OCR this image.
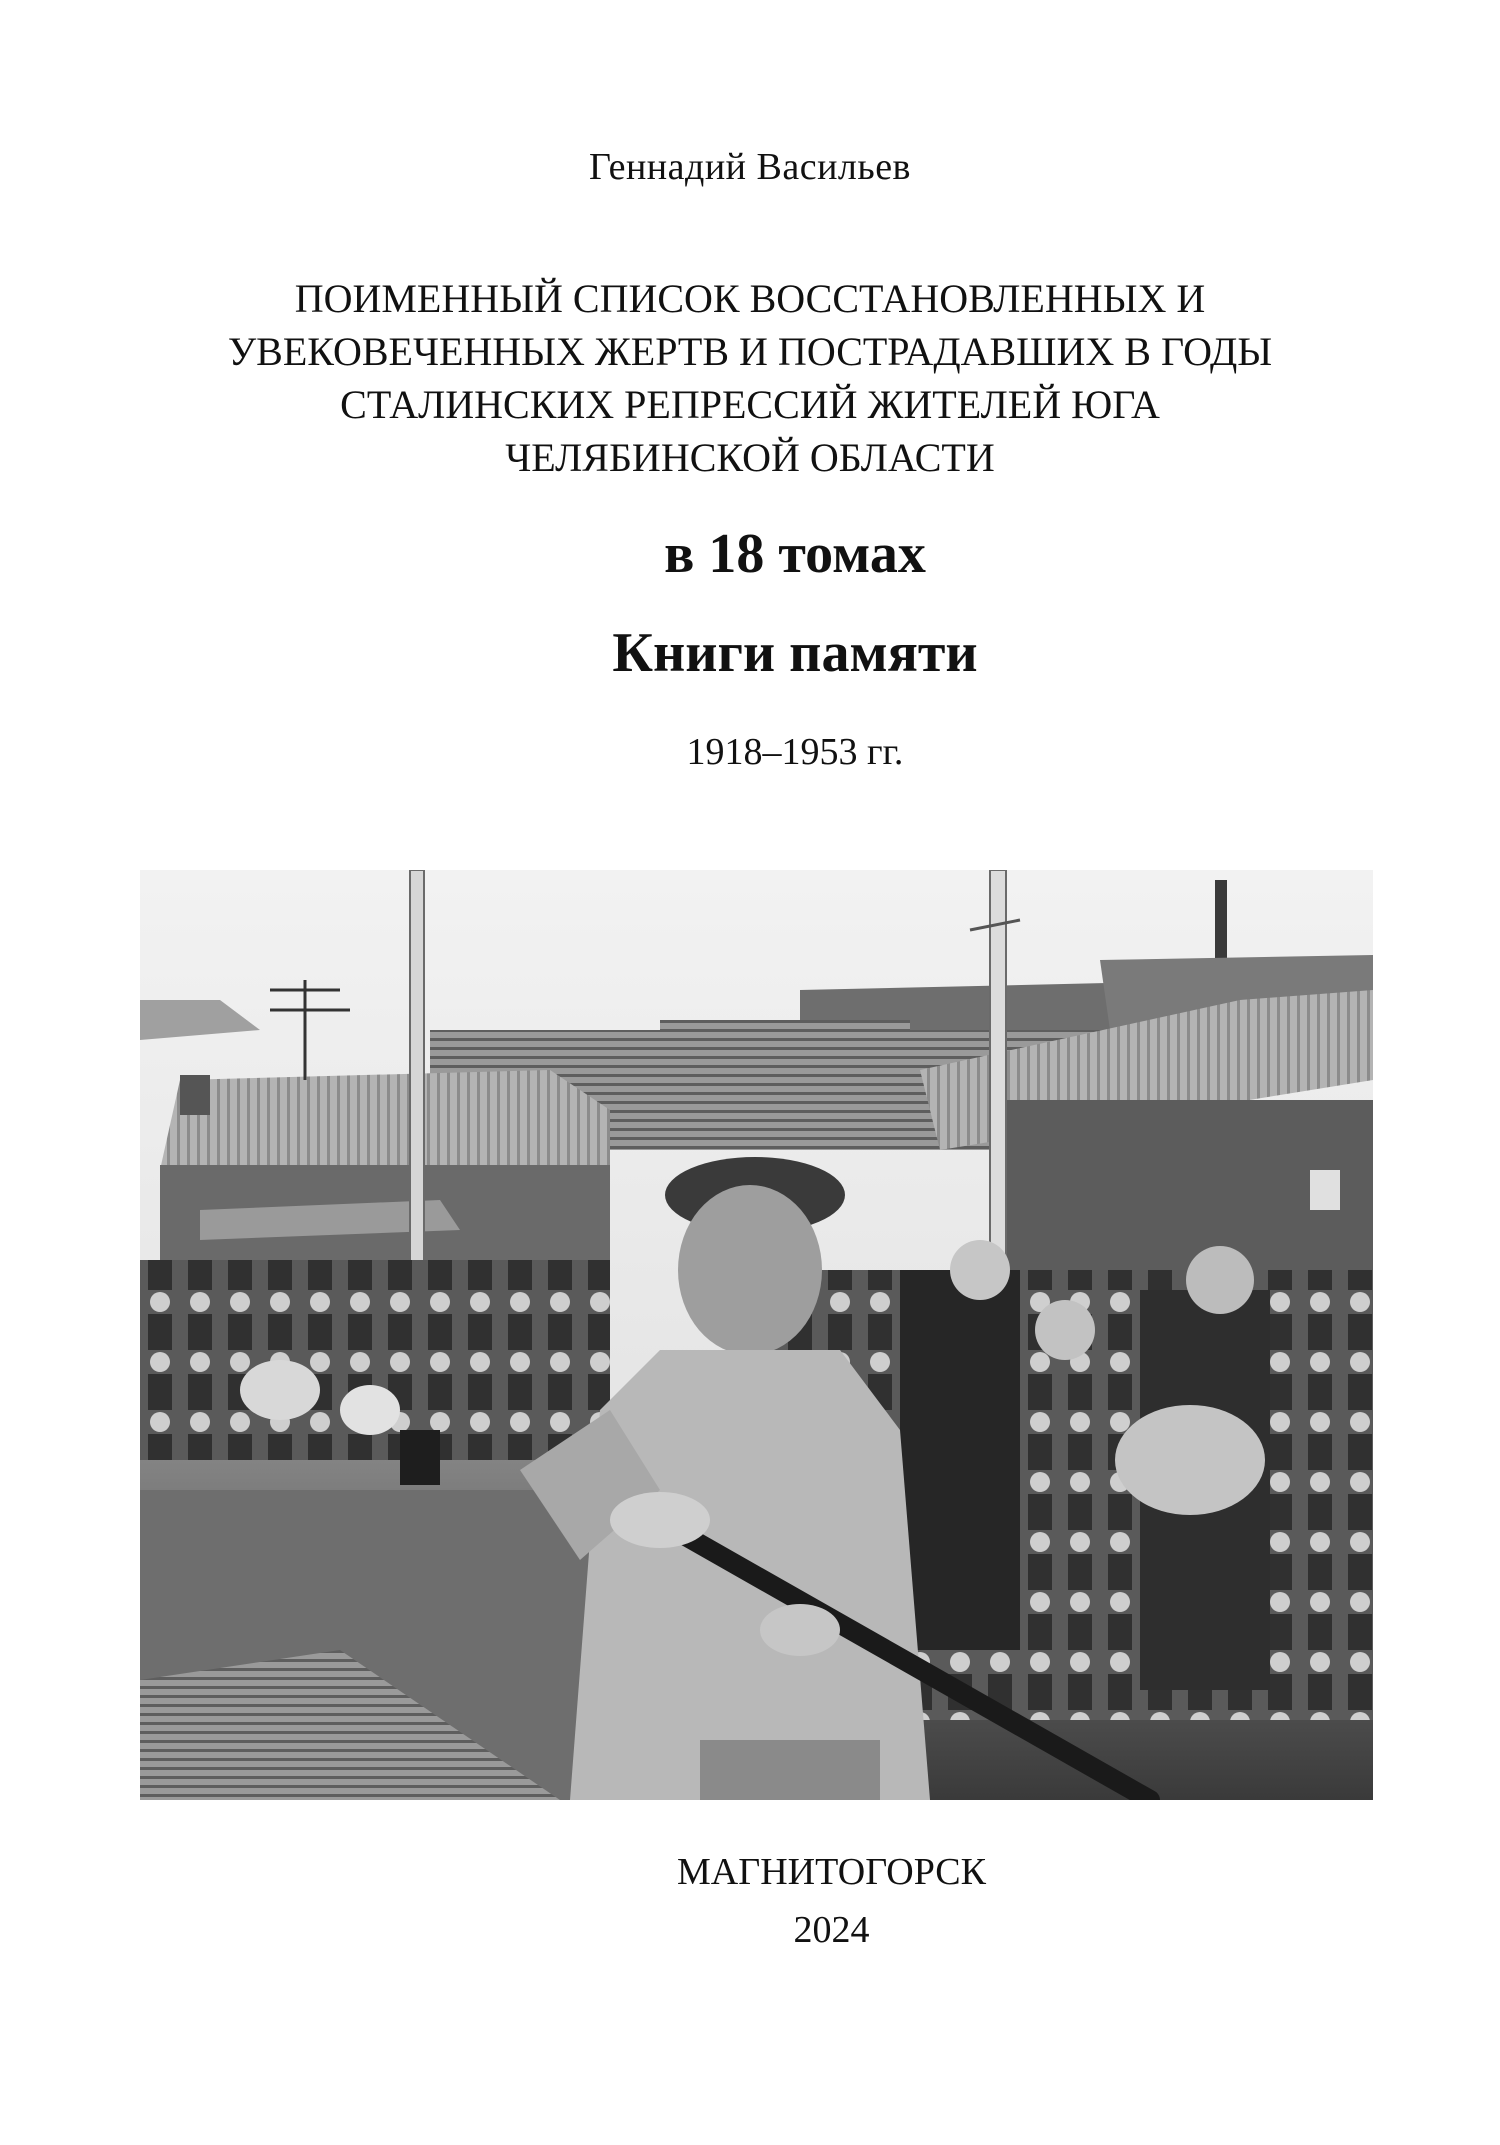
Геннадий Васильев
ПОИМЕННЫЙ СПИСОК ВОССТАНОВЛЕННЫХ И
УВЕКОВЕЧЕННЫХ ЖЕРТВ И ПОСТРАДАВШИХ В ГОДЫ
СТАЛИНСКИХ РЕПРЕССИЙ ЖИТЕЛЕЙ ЮГА
ЧЕЛЯБИНСКОЙ ОБЛАСТИ
в 18 томах
Книги памяти
1918–1953 гг.
МАГНИТОГОРСК
2024
